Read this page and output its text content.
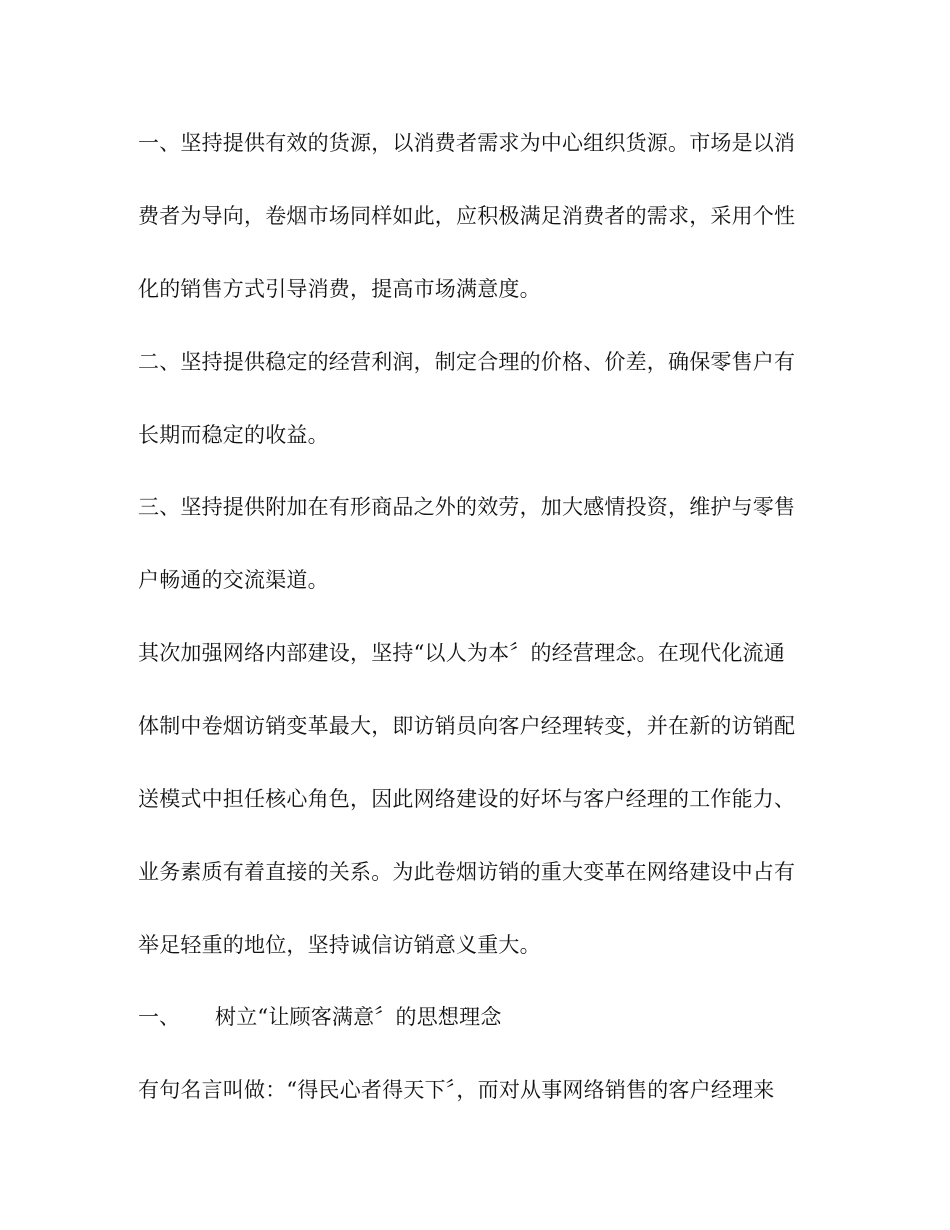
一、坚持提供有效的货源，以消费者需求为中心组织货源。市场是以消
费者为导向，卷烟市场同样如此，应积极满足消费者的需求，采用个性
化的销售方式引导消费，提高市场满意度。
二、坚持提供稳定的经营利润，制定合理的价格、价差，确保零售户有
长期而稳定的收益。
三、坚持提供附加在有形商品之外的效劳，加大感情投资，维护与零售
户畅通的交流渠道。
其次加强网络内部建设，坚持“以人为本〞的经营理念。在现代化流通
体制中卷烟访销变革最大，即访销员向客户经理转变，并在新的访销配
送模式中担任核心角色，因此网络建设的好坏与客户经理的工作能力、
业务素质有着直接的关系。为此卷烟访销的重大变革在网络建设中占有
举足轻重的地位，坚持诚信访销意义重大。
一、 树立“让顾客满意〞的思想理念
有句名言叫做：“得民心者得天下〞，而对从事网络销售的客户经理来
